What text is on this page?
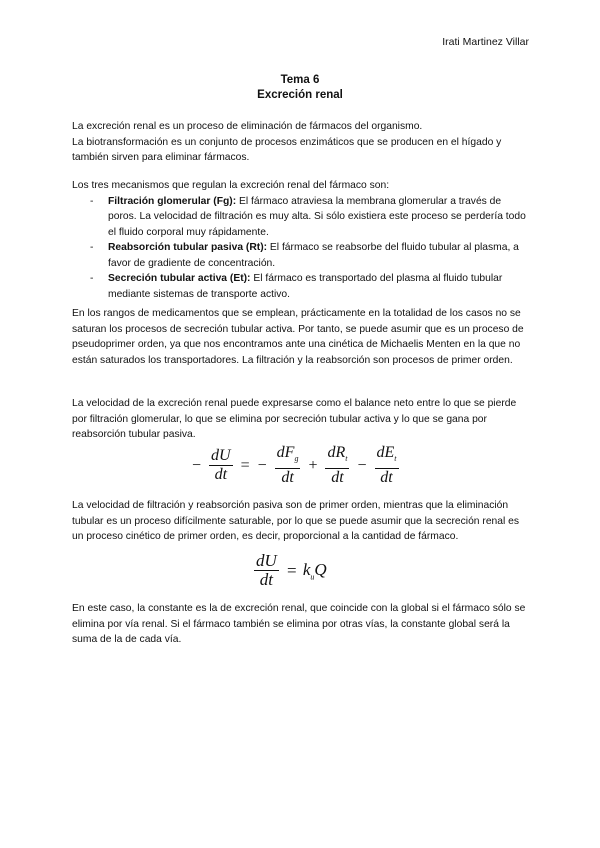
Irati Martinez Villar
Tema 6
Excreción renal

La excreción renal es un proceso de eliminación de fármacos del organismo.

La biotransformación es un conjunto de procesos enzimáticos que se producen en el hígado y también sirven para eliminar fármacos.

Los tres mecanismos que regulan la excreción renal del fármaco son:

- Filtración glomerular (Fg): El fármaco atraviesa la membrana glomerular a través de poros. La velocidad de filtración es muy alta. Si sólo existiera este proceso se perdería todo el fluido corporal muy rápidamente.
- Reabsorción tubular pasiva (Rt): El fármaco se reabsorbe del fluido tubular al plasma, a favor de gradiente de concentración.
- Secreción tubular activa (Et): El fármaco es transportado del plasma al fluido tubular mediante sistemas de transporte activo.

En los rangos de medicamentos que se emplean, prácticamente en la totalidad de los casos no se saturan los procesos de secreción tubular activa. Por tanto, se puede asumir que es un proceso de pseudoprimer orden, ya que nos encontramos ante una cinética de Michaelis Menten en la que no están saturados los transportadores. La filtración y la reabsorción son procesos de primer orden.

La velocidad de la excreción renal puede expresarse como el balance neto entre lo que se pierde por filtración glomerular, lo que se elimina por secreción tubular activa y lo que se gana por reabsorción tubular pasiva.

− $\frac{dU}{dt}$ = − $\frac{dF_g}{dt} + \frac{dR_t}{dt} - \frac{dE_t}{dt}$

La velocidad de filtración y reabsorción pasiva son de primer orden, mientras que la eliminación tubular es un proceso difícilmente saturable, por lo que se puede asumir que la secreción renal es un proceso cinético de primer orden, es decir, proporcional a la cantidad de fármaco.

$\frac{dU}{dt} = k_uQ$

En este caso, la constante es la de excreción renal, que coincide con la global si el fármaco sólo se elimina por vía renal. Si el fármaco también se elimina por otras vías, la constante global será la suma de la de cada vía.
